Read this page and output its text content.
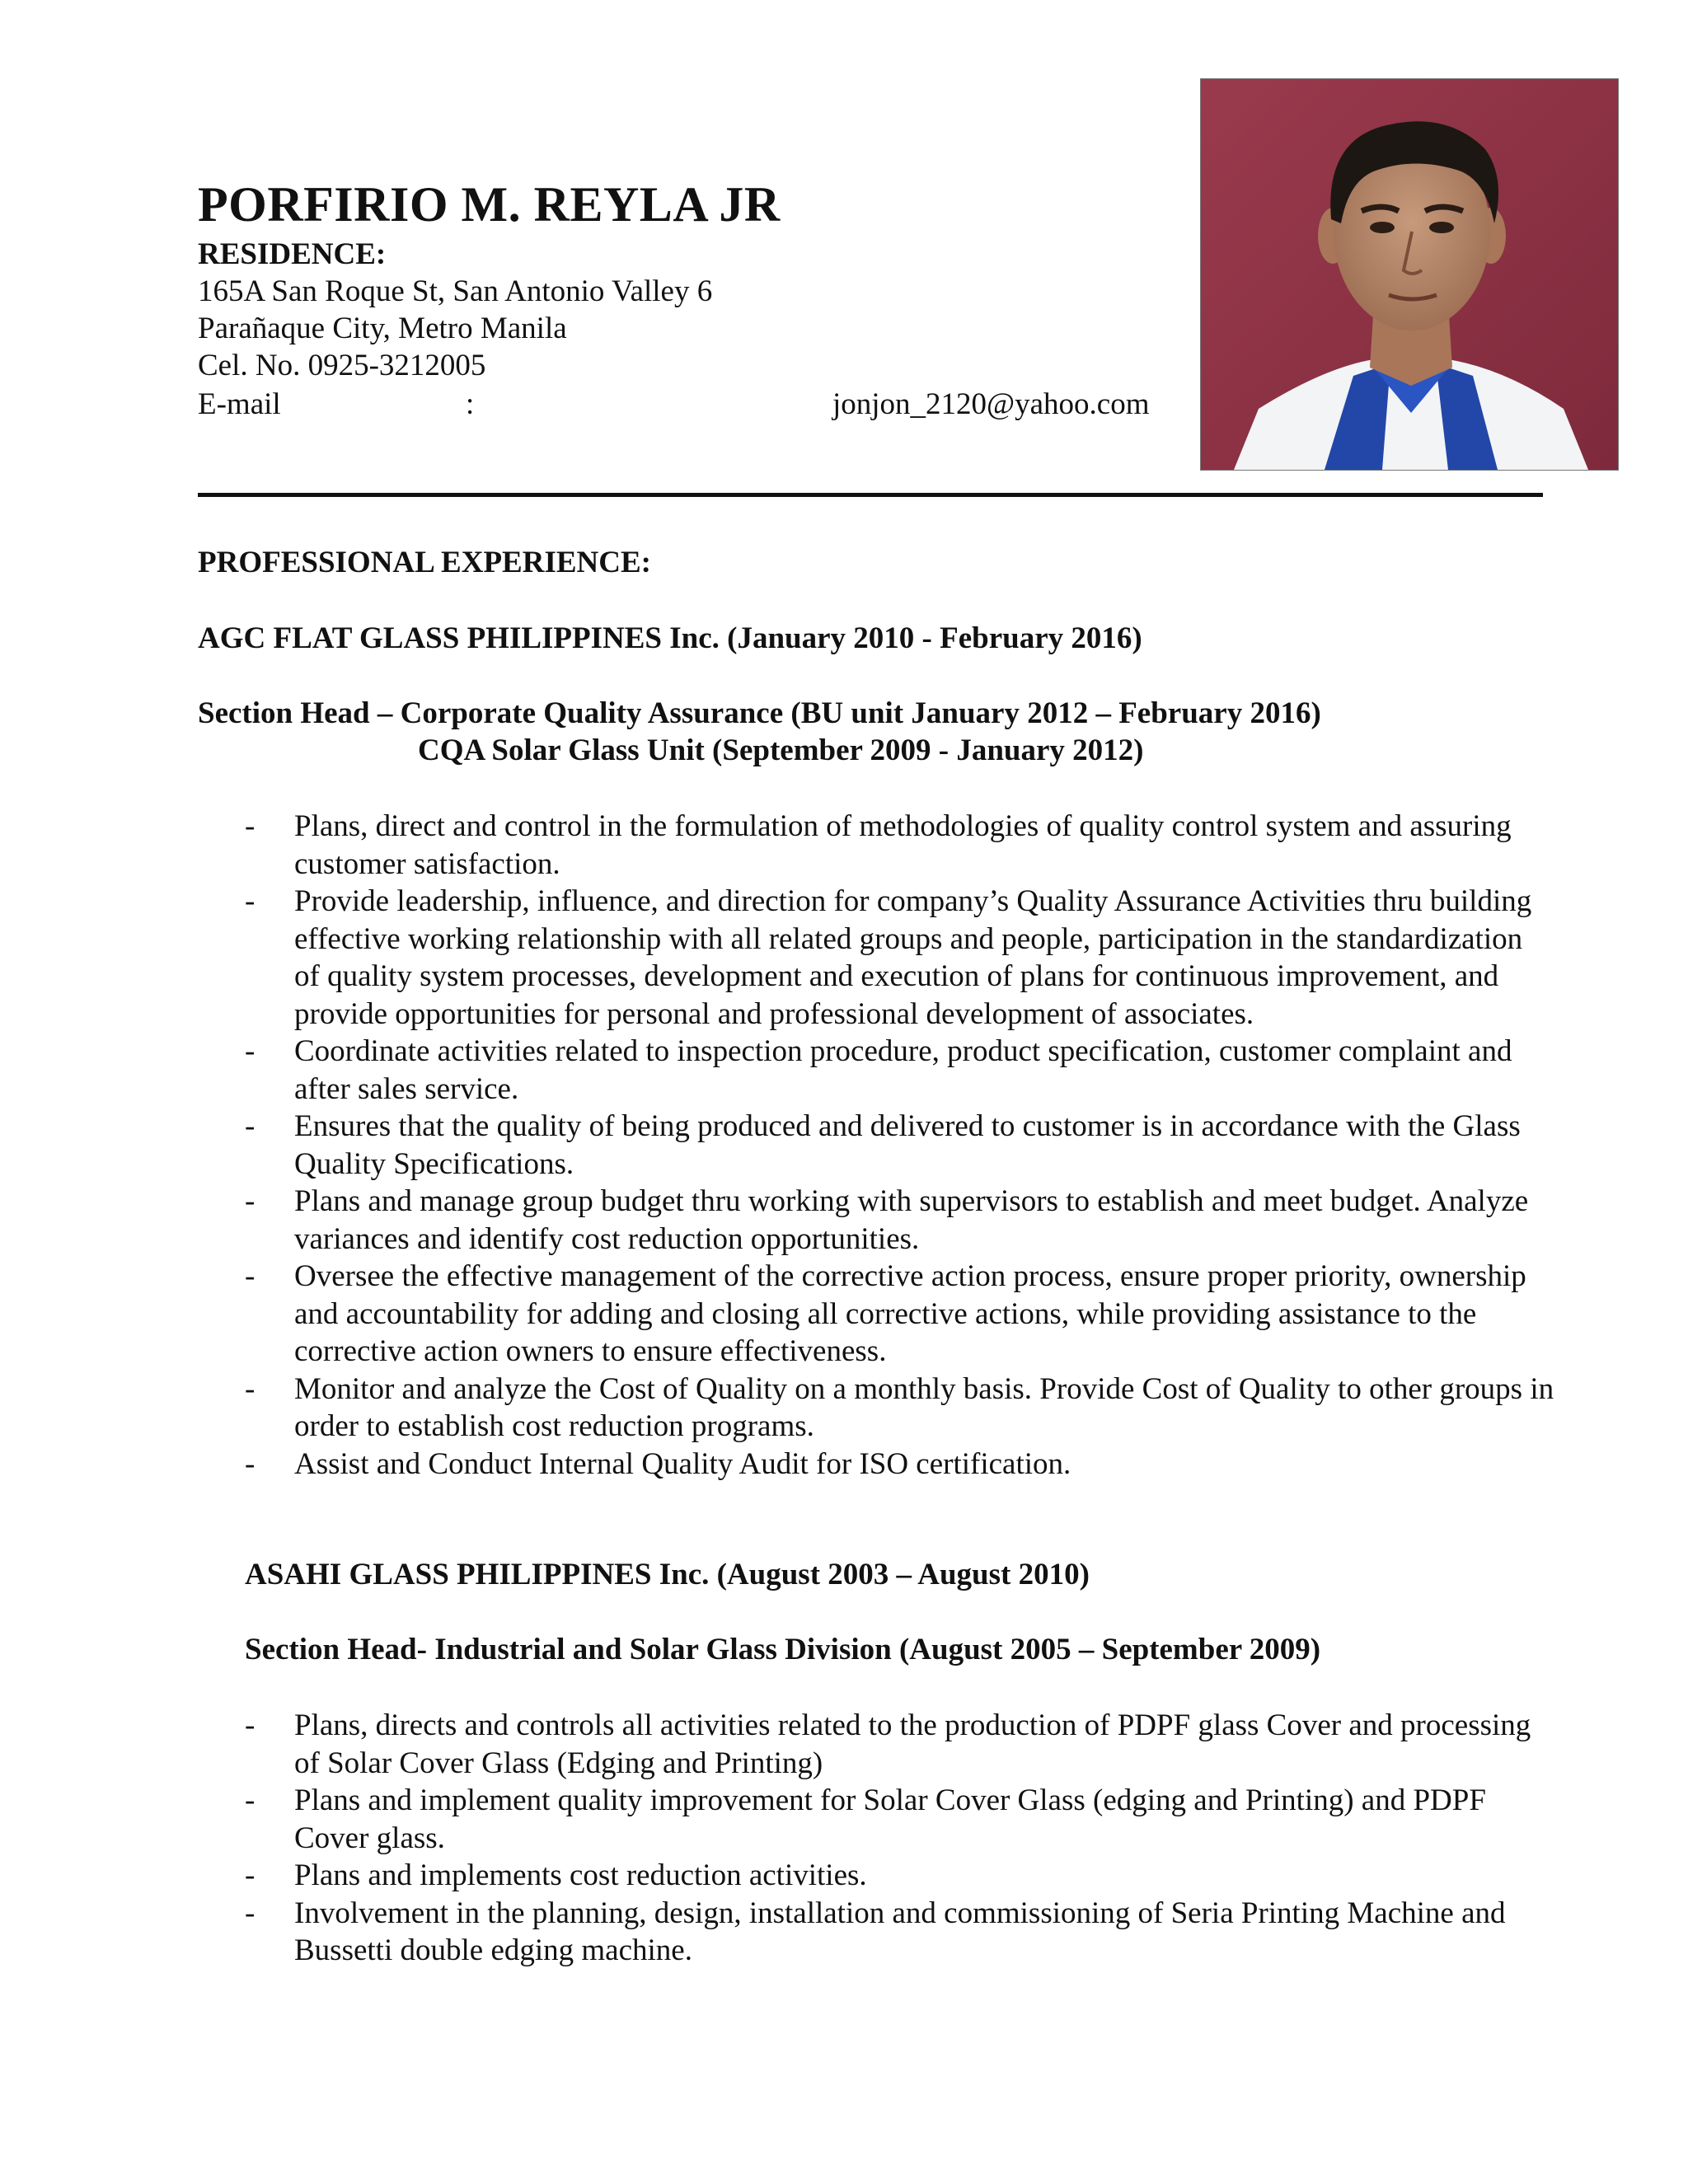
PORFIRIO M. REYLA JR
RESIDENCE:
165A San Roque St, San Antonio Valley 6
Parañaque City, Metro Manila
Cel. No. 0925-3212005
E-mail	:	jonjon_2120@yahoo.com
PROFESSIONAL EXPERIENCE:
AGC FLAT GLASS PHILIPPINES Inc. (January 2010 - February 2016)
Section Head – Corporate Quality Assurance (BU unit January 2012 – February 2016)
CQA Solar Glass Unit (September 2009 - January 2012)
- Plans, direct and control in the formulation of methodologies of quality control system and assuring customer satisfaction.
- Provide leadership, influence, and direction for company’s Quality Assurance Activities thru building effective working relationship with all related groups and people, participation in the standardization of quality system processes, development and execution of plans for continuous improvement, and provide opportunities for personal and professional development of associates.
- Coordinate activities related to inspection procedure, product specification, customer complaint and after sales service.
- Ensures that the quality of being produced and delivered to customer is in accordance with the Glass Quality Specifications.
- Plans and manage group budget thru working with supervisors to establish and meet budget. Analyze variances and identify cost reduction opportunities.
- Oversee the effective management of the corrective action process, ensure proper priority, ownership and accountability for adding and closing all corrective actions, while providing assistance to the corrective action owners to ensure effectiveness.
- Monitor and analyze the Cost of Quality on a monthly basis. Provide Cost of Quality to other groups in order to establish cost reduction programs.
- Assist and Conduct Internal Quality Audit for ISO certification.
ASAHI GLASS PHILIPPINES Inc. (August 2003 – August 2010)
Section Head- Industrial and Solar Glass Division (August 2005 – September 2009)
- Plans, directs and controls all activities related to the production of PDPF glass Cover and processing of Solar Cover Glass (Edging and Printing)
- Plans and implement quality improvement for Solar Cover Glass (edging and Printing) and PDPF Cover glass.
- Plans and implements cost reduction activities.
- Involvement in the planning, design, installation and commissioning of Seria Printing Machine and Bussetti double edging machine.
